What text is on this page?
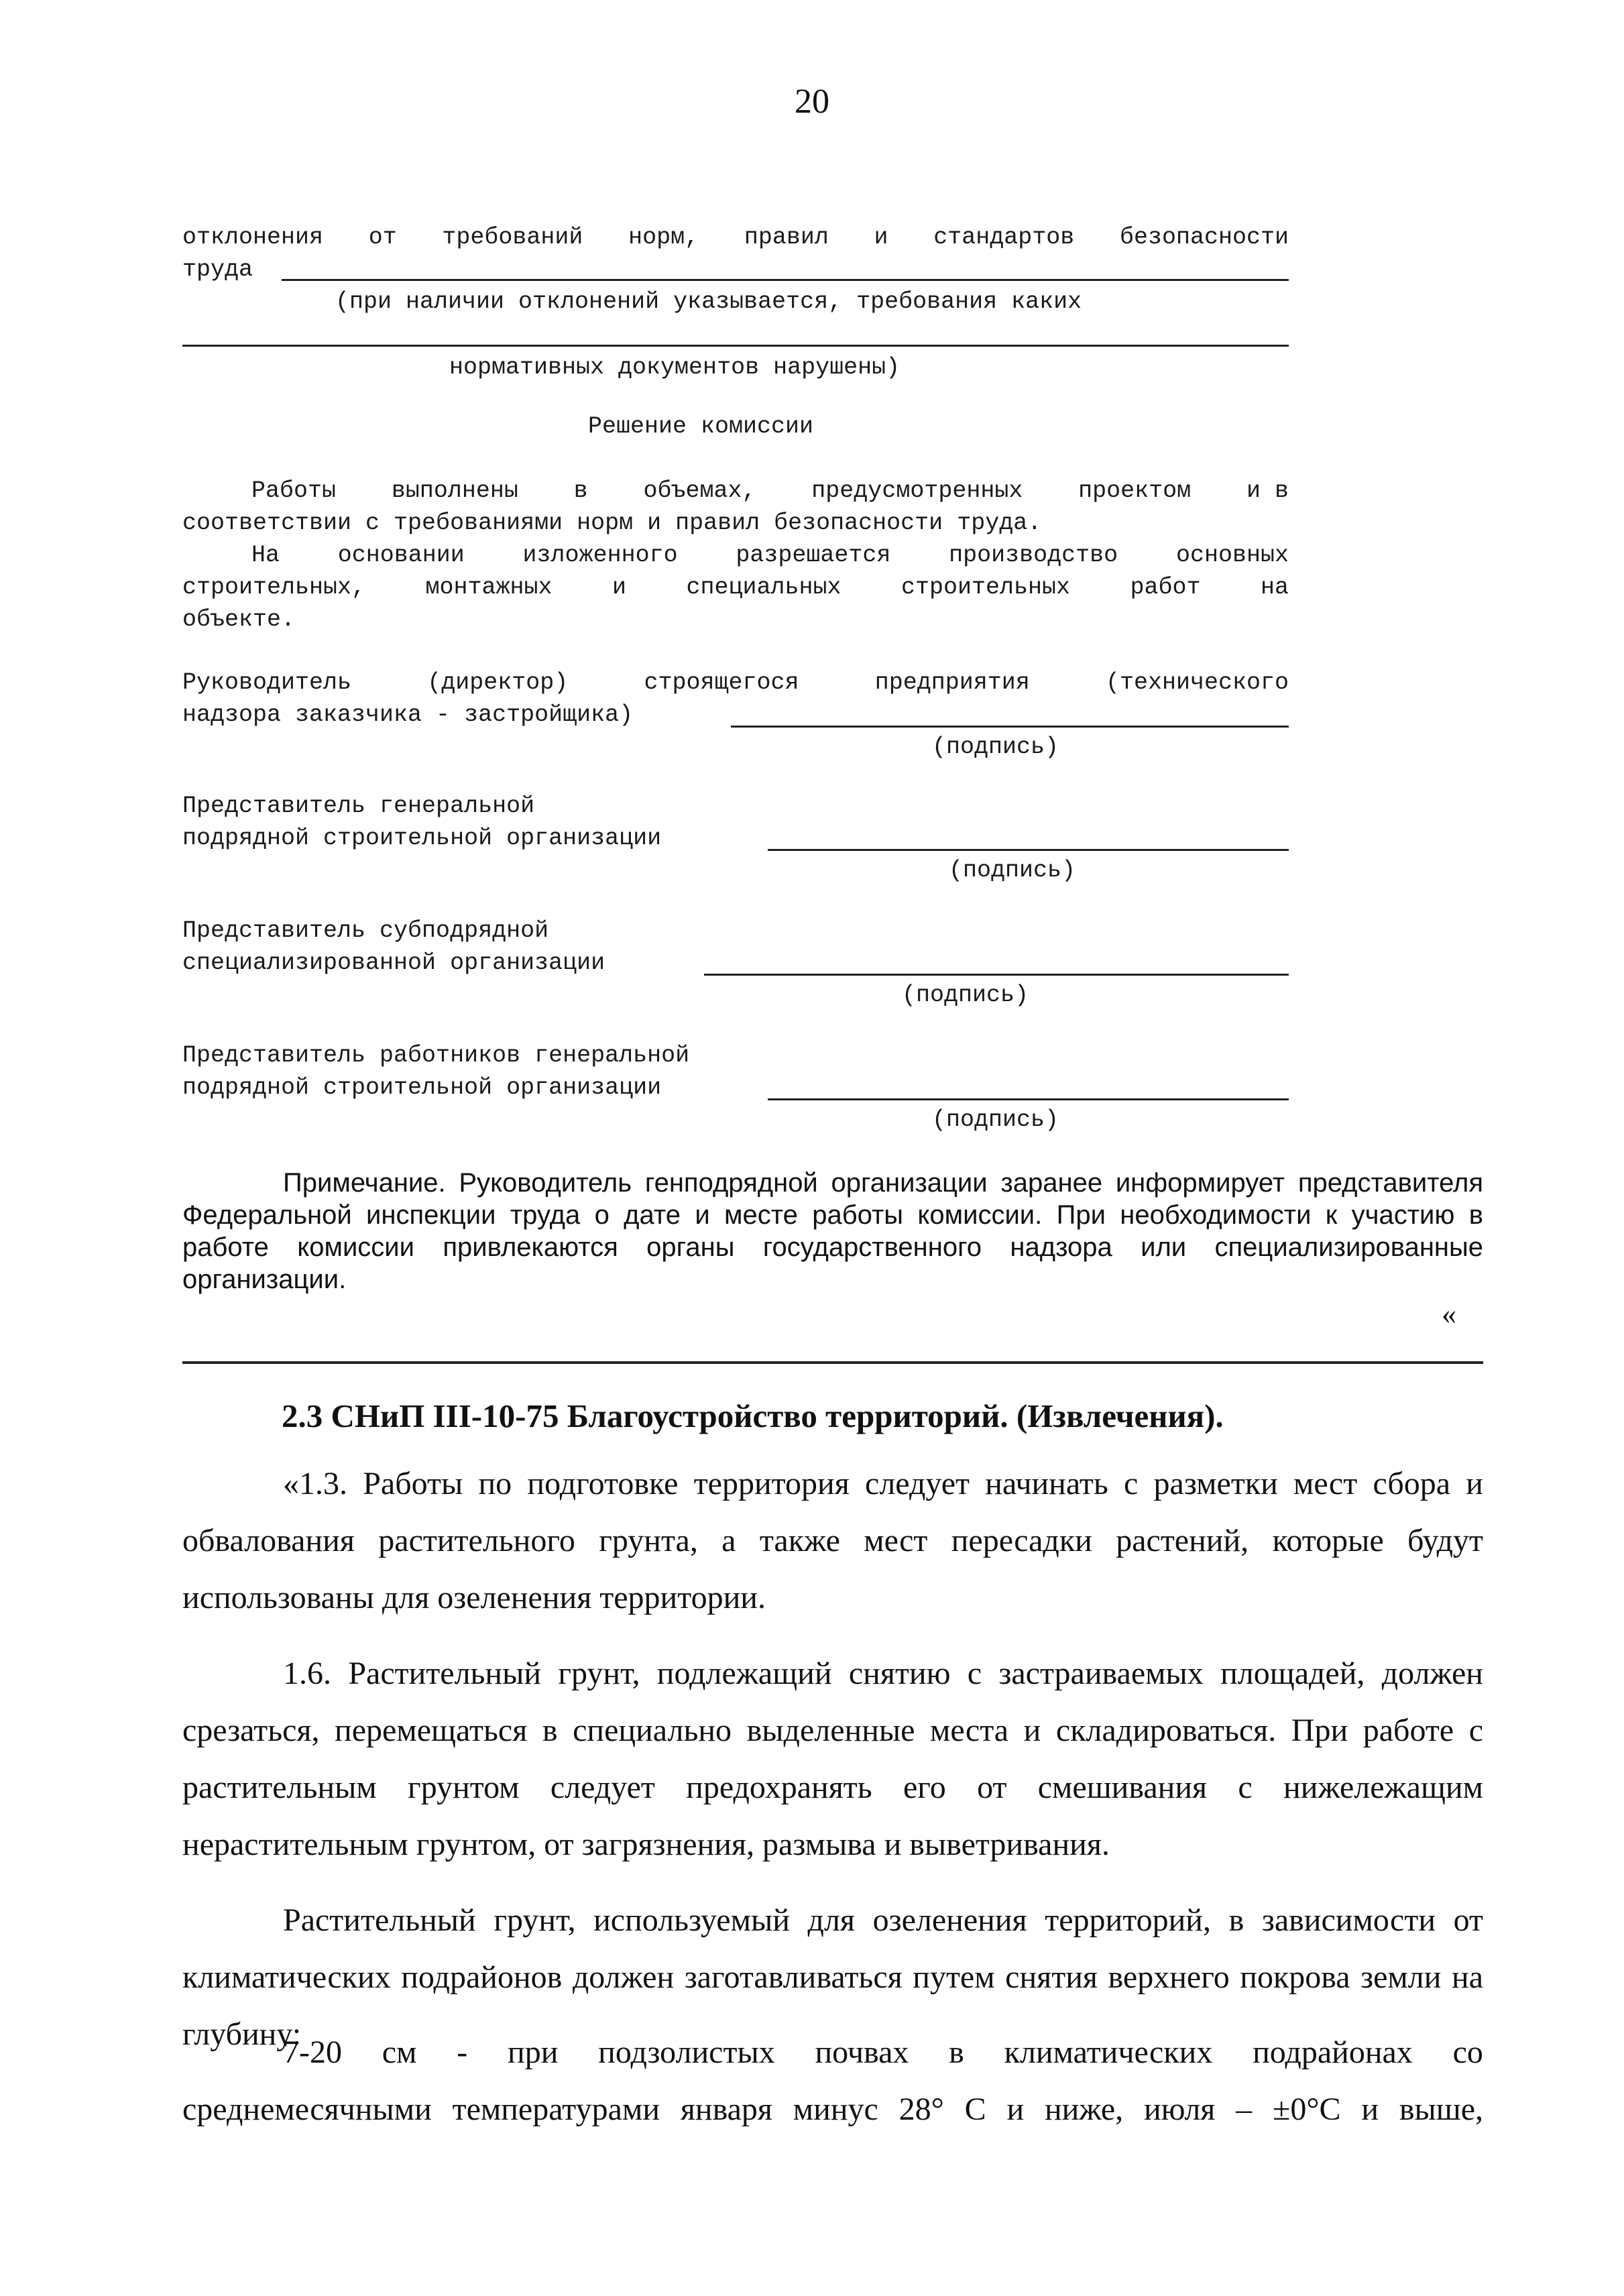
20
отклонения от требований норм, правил и стандартов безопасности
труда
(при наличии отклонений указывается, требования каких
нормативных документов нарушены)
Решение комиссии
Работы выполнены в объемах, предусмотренных проектом и в
соответствии с требованиями норм и правил безопасности труда.
На основании изложенного разрешается производство основных
строительных,	монтажных	и	специальных	строительных	работ	на
объекте.
Руководитель	(директор)	строящегося	предприятия	(технического
надзора заказчика - застройщика)
(подпись)
Представитель генеральной
подрядной строительной организации
(подпись)
Представитель субподрядной
специализированной организации
(подпись)
Представитель работников генеральной
подрядной строительной организации
(подпись)

Примечание. Руководитель генподрядной организации заранее информирует представителя Федеральной инспекции труда о дате и месте работы комиссии. При необходимости к участию в работе комиссии привлекаются органы государственного надзора или специализированные организации.

«
2.3 СНиП III-10-75 Благоустройство территорий. (Извлечения).

«1.3. Работы по подготовке территория следует начинать с разметки мест сбора и обвалования растительного грунта, а также мест пересадки растений, которые будут использованы для озеленения территории.

1.6. Растительный грунт, подлежащий снятию с застраиваемых площадей, должен срезаться, перемещаться в специально выделенные места и складироваться. При работе с растительным грунтом следует предохранять его от смешивания с нижележащим нерастительным грунтом, от загрязнения, размыва и выветривания.

Растительный грунт, используемый для озеленения территорий, в зависимости от климатических подрайонов должен заготавливаться путем снятия верхнего покрова земли на глубину:

7-20 см - при подзолистых почвах в климатических подрайонах со
среднемесячными температурами января минус 28° С и ниже, июля – ±0°С и выше,
